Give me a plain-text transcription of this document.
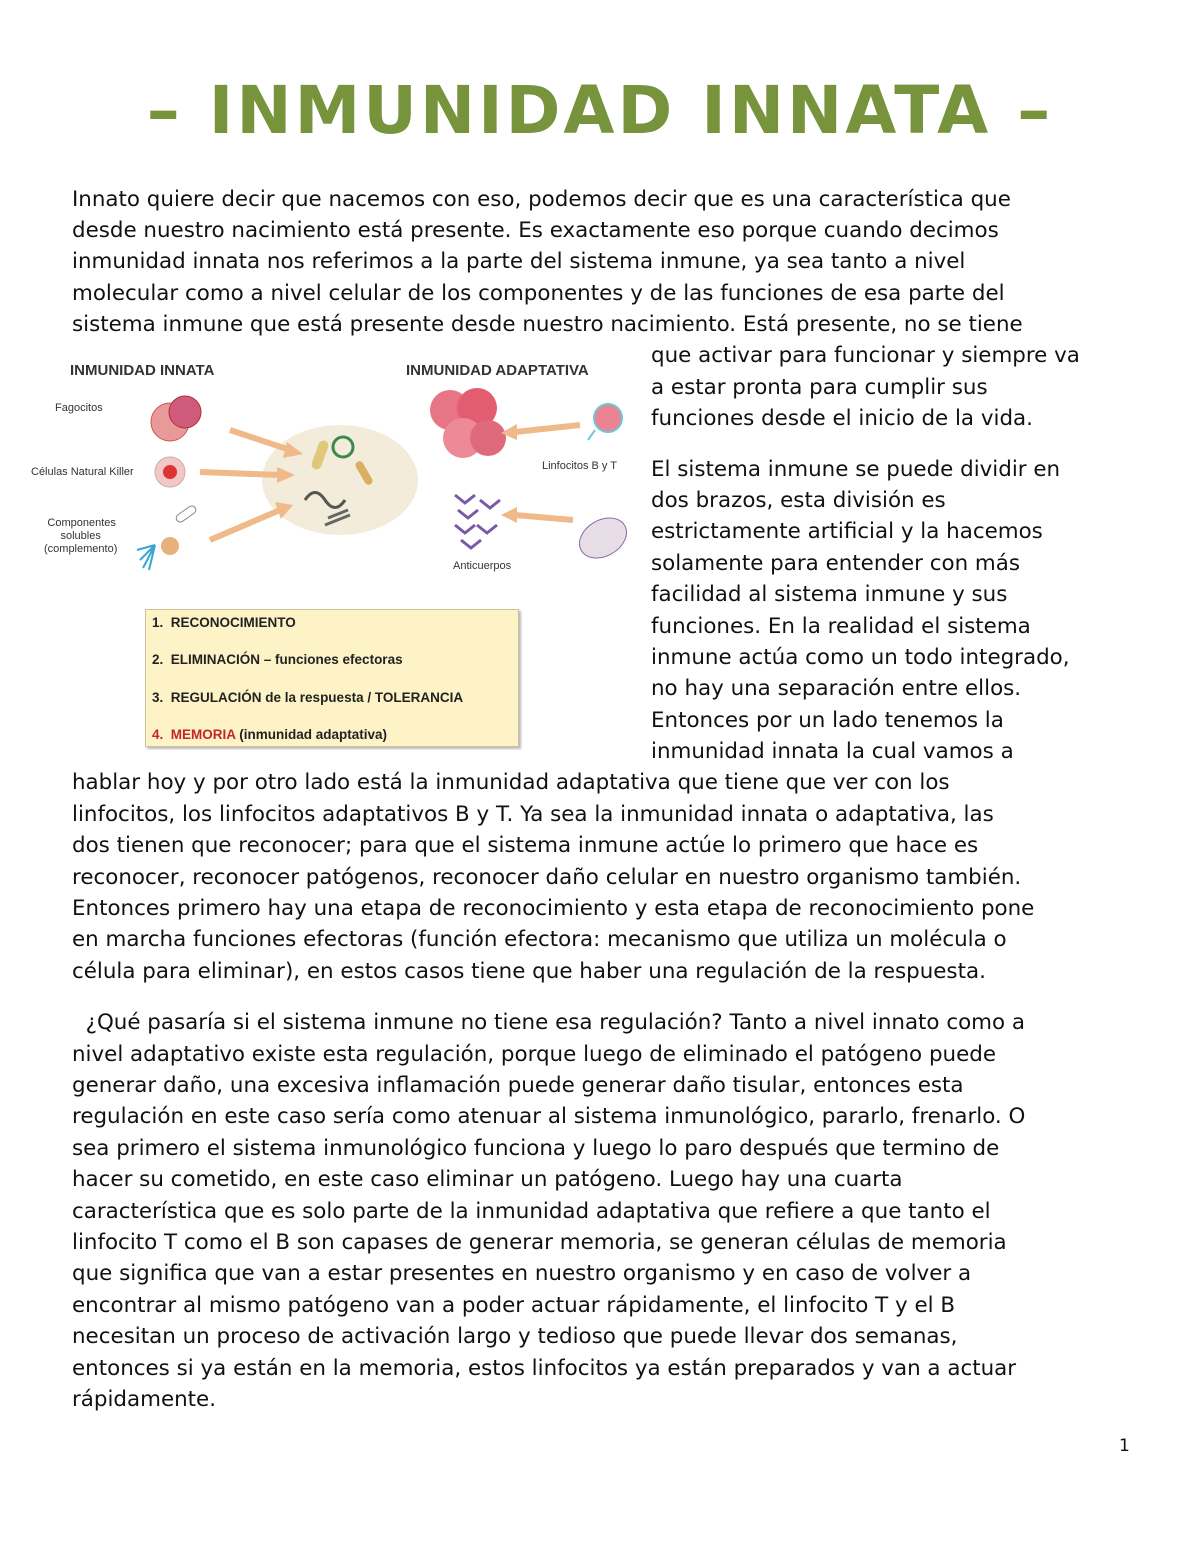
– INMUNIDAD INNATA –

Innato quiere decir que nacemos con eso, podemos decir que es una característica que

desde nuestro nacimiento está presente. Es exactamente eso porque cuando decimos

inmunidad innata nos referimos a la parte del sistema inmune, ya sea tanto a nivel

molecular como a nivel celular de los componentes y de las funciones de esa parte del

sistema inmune que está presente desde nuestro nacimiento. Está presente, no se tiene

que activar para funcionar y siempre va

a estar pronta para cumplir sus

funciones desde el inicio de la vida.

El sistema inmune se puede dividir en

dos brazos, esta división es

estrictamente artificial y la hacemos

solamente para entender con más

facilidad al sistema inmune y sus

funciones. En la realidad el sistema

inmune actúa como un todo integrado,

no hay una separación entre ellos.

Entonces por un lado tenemos la

inmunidad innata la cual vamos a

hablar hoy y por otro lado está la inmunidad adaptativa que tiene que ver con los

linfocitos, los linfocitos adaptativos B y T. Ya sea la inmunidad innata o adaptativa, las

dos tienen que reconocer; para que el sistema inmune actúe lo primero que hace es

reconocer, reconocer patógenos, reconocer daño celular en nuestro organismo también.

Entonces primero hay una etapa de reconocimiento y esta etapa de reconocimiento pone

en marcha funciones efectoras (función efectora: mecanismo que utiliza un molécula o

célula para eliminar), en estos casos tiene que haber una regulación de la respuesta.

¿Qué pasaría si el sistema inmune no tiene esa regulación? Tanto a nivel innato como a

nivel adaptativo existe esta regulación, porque luego de eliminado el patógeno puede

generar daño, una excesiva inflamación puede generar daño tisular, entonces esta

regulación en este caso sería como atenuar al sistema inmunológico, pararlo, frenarlo. O

sea primero el sistema inmunológico funciona y luego lo paro después que termino de

hacer su cometido, en este caso eliminar un patógeno. Luego hay una cuarta

característica que es solo parte de la inmunidad adaptativa que refiere a que tanto el

linfocito T como el B son capases de generar memoria, se generan células de memoria

que significa que van a estar presentes en nuestro organismo y en caso de volver a

encontrar al mismo patógeno van a poder actuar rápidamente, el linfocito T y el B

necesitan un proceso de activación largo y tedioso que puede llevar dos semanas,

entonces si ya están en la memoria, estos linfocitos ya están preparados y van a actuar

rápidamente.

INMUNIDAD INNATA	INMUNIDAD ADAPTATIVA

Fagocitos

Células Natural Killer

Componentes
solubles
(complemento)

Linfocitos B y T

Anticuerpos

1. RECONOCIMIENTO

2. ELIMINACIÓN – funciones efectoras

3. REGULACIÓN de la respuesta / TOLERANCIA

4. MEMORIA (inmunidad adaptativa)

1
